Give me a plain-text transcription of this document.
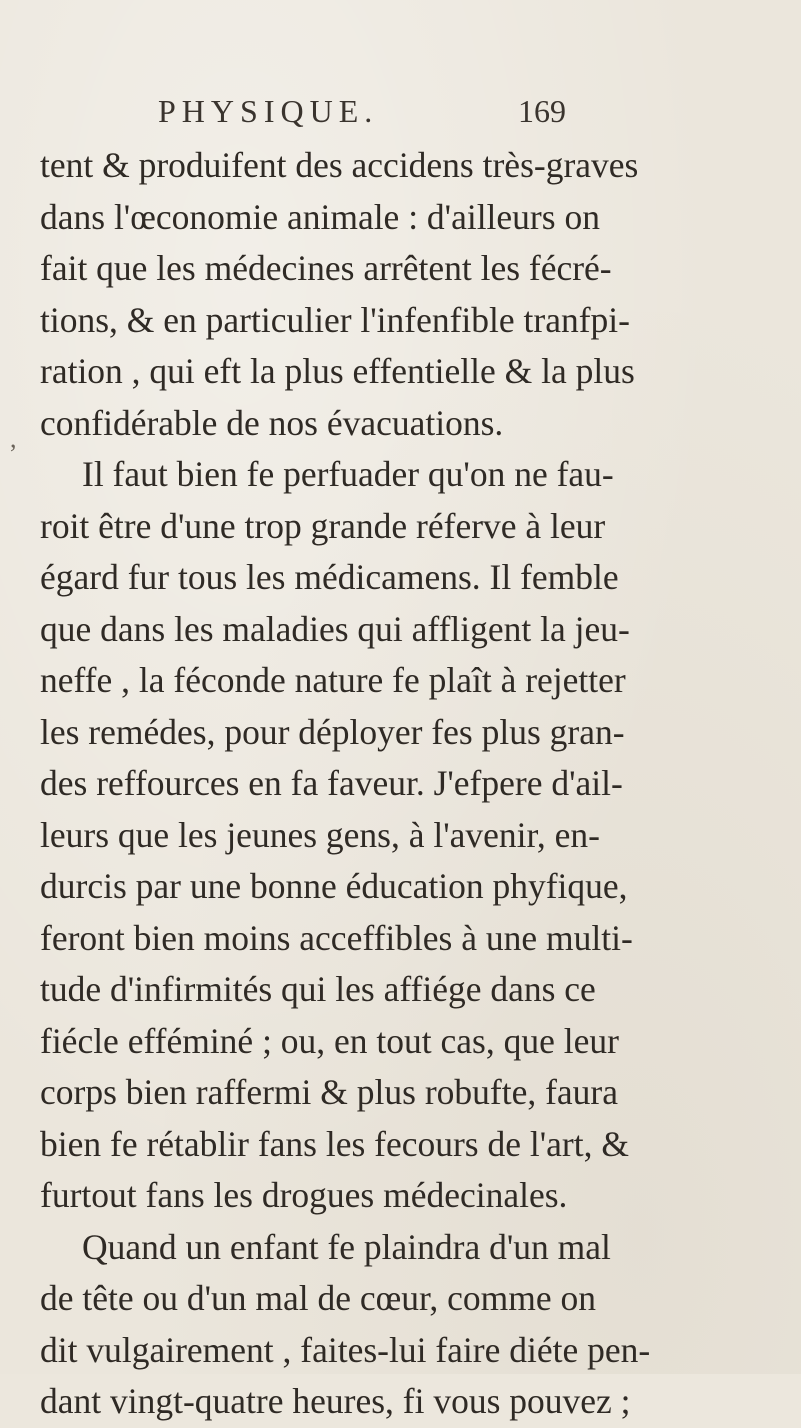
PHYSIQUE.	169
,
tent & produifent des accidens très-graves
dans l'œconomie animale : d'ailleurs on
fait que les médecines arrêtent les fécré-
tions, & en particulier l'infenfible tranfpi-
ration , qui eft la plus effentielle & la plus
confidérable de nos évacuations.
Il faut bien fe perfuader qu'on ne fau-
roit être d'une trop grande réferve à leur
égard fur tous les médicamens. Il femble
que dans les maladies qui affligent la jeu-
neffe , la féconde nature fe plaît à rejetter
les remédes, pour déployer fes plus gran-
des reffources en fa faveur. J'efpere d'ail-
leurs que les jeunes gens, à l'avenir, en-
durcis par une bonne éducation phyfique,
feront bien moins acceffibles à une multi-
tude d'infirmités qui les affiége dans ce
fiécle efféminé ; ou, en tout cas, que leur
corps bien raffermi & plus robufte, faura
bien fe rétablir fans les fecours de l'art, &
furtout fans les drogues médecinales.
Quand un enfant fe plaindra d'un mal
de tête ou d'un mal de cœur, comme on
dit vulgairement , faites-lui faire diéte pen-
dant vingt-quatre heures, fi vous pouvez ;
